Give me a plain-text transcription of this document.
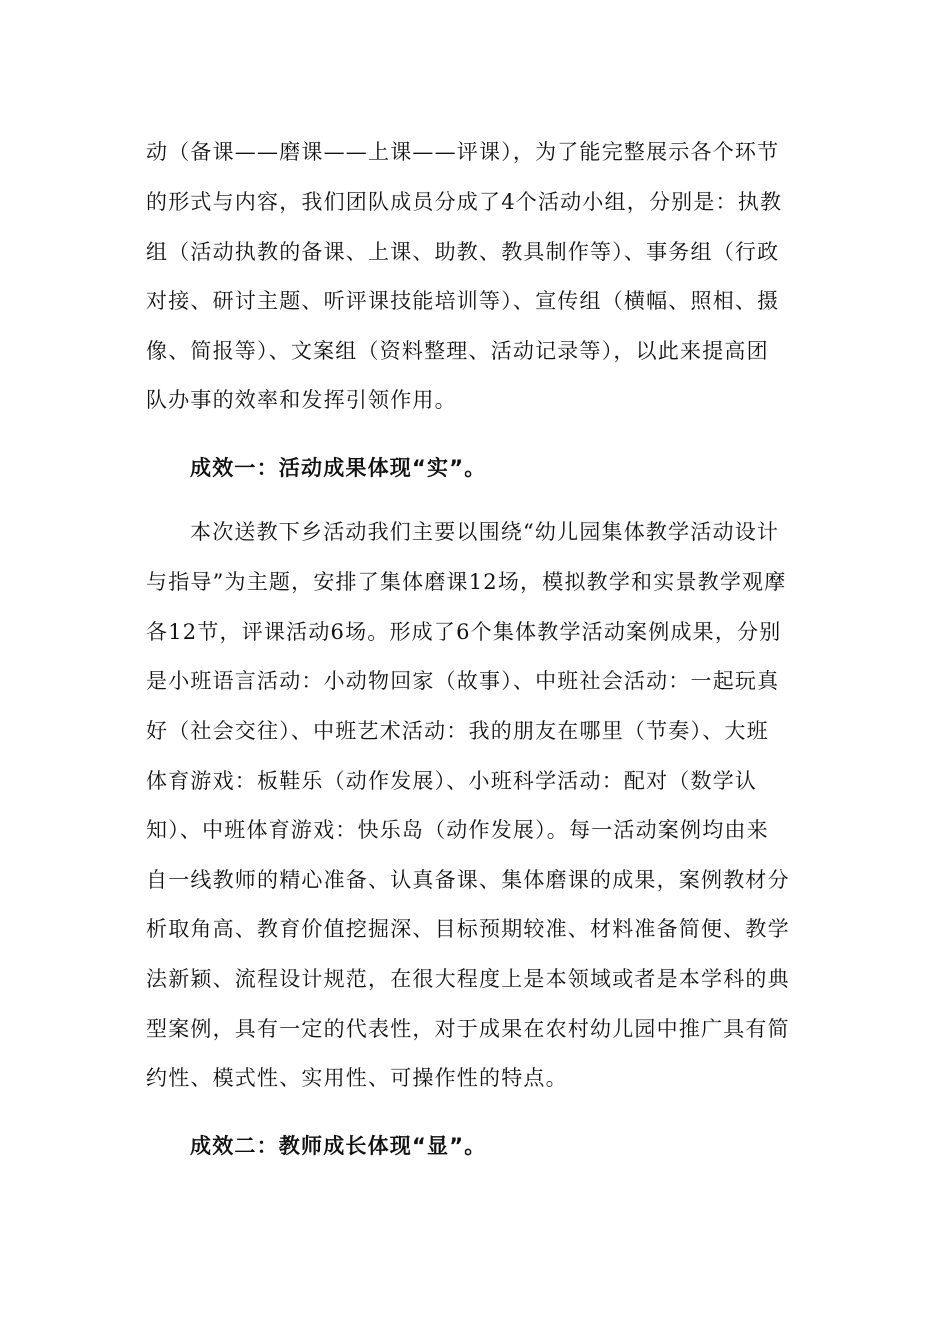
动（备课——磨课——上课——评课），为了能完整展示各个环节
的形式与内容，我们团队成员分成了4个活动小组，分别是：执教
组（活动执教的备课、上课、助教、教具制作等）、事务组（行政
对接、研讨主题、听评课技能培训等）、宣传组（横幅、照相、摄
像、简报等）、文案组（资料整理、活动记录等），以此来提高团
队办事的效率和发挥引领作用。
成效一：活动成果体现“实”。
本次送教下乡活动我们主要以围绕“幼儿园集体教学活动设计
与指导”为主题，安排了集体磨课12场，模拟教学和实景教学观摩
各12节，评课活动6场。形成了6个集体教学活动案例成果，分别
是小班语言活动：小动物回家（故事）、中班社会活动：一起玩真
好（社会交往）、中班艺术活动：我的朋友在哪里（节奏）、大班
体育游戏：板鞋乐（动作发展）、小班科学活动：配对（数学认
知）、中班体育游戏：快乐岛（动作发展）。每一活动案例均由来
自一线教师的精心准备、认真备课、集体磨课的成果，案例教材分
析取角高、教育价值挖掘深、目标预期较准、材料准备简便、教学
法新颖、流程设计规范，在很大程度上是本领域或者是本学科的典
型案例，具有一定的代表性，对于成果在农村幼儿园中推广具有简
约性、模式性、实用性、可操作性的特点。
成效二：教师成长体现“显”。
